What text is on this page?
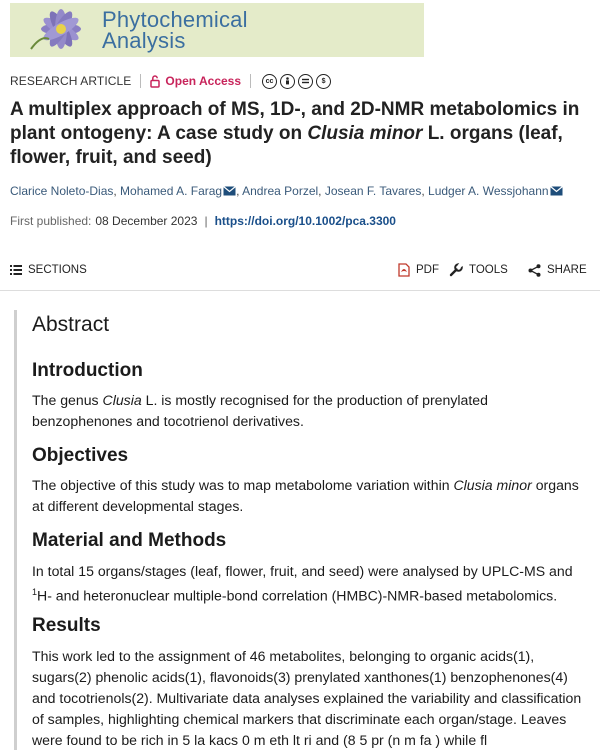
Phytochemical
Analysis
RESEARCH ARTICLE	Open Access	cc	$
A multiplex approach of MS, 1D-, and 2D-NMR metabolomics in plant ontogeny: A case study on Clusia minor L. organs (leaf, flower, fruit, and seed)
Clarice Noleto-Dias, Mohamed A. Farag , Andrea Porzel, Josean F. Tavares, Ludger A. Wessjohann
First published: 08 December 2023 | https://doi.org/10.1002/pca.3300
SECTIONS	PDF	TOOLS	SHARE
Abstract
Introduction

The genus Clusia L. is mostly recognised for the production of prenylated benzophenones and tocotrienol derivatives.

Objectives

The objective of this study was to map metabolome variation within Clusia minor organs at different developmental stages.

Material and Methods

In total 15 organs/stages (leaf, flower, fruit, and seed) were analysed by UPLC-MS and $^1$H- and heteronuclear multiple-bond correlation (HMBC)-NMR-based metabolomics.

Results

This work led to the assignment of 46 metabolites, belonging to organic acids(1), sugars(2) phenolic acids(1), flavonoids(3) prenylated xanthones(1) benzophenones(4) and tocotrienols(2). Multivariate data analyses explained the variability and classification of samples, highlighting chemical markers that discriminate each organ/stage. Leaves were found to be rich in 5 la kacs 0 m eth lt ri and (8 5 pr (n m fa ) while fl
